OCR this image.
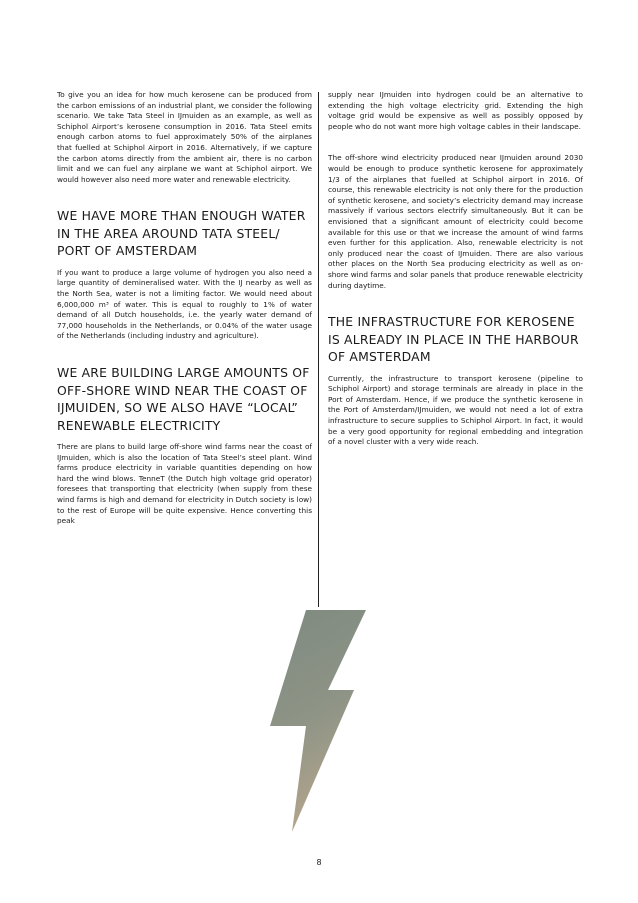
To give you an idea for how much kerosene can be produced from the carbon emissions of an industrial plant, we consider the following scenario. We take Tata Steel in IJmuiden as an example, as well as Schiphol Airport’s kerosene consumption in 2016. Tata Steel emits enough carbon atoms to fuel approximately 50% of the airplanes that fuelled at Schiphol Airport in 2016. Alternatively, if we capture the carbon atoms directly from the ambient air, there is no carbon limit and we can fuel any airplane we want at Schiphol airport. We would however also need more water and renewable electricity.

WE HAVE MORE THAN ENOUGH WATER IN THE AREA AROUND TATA STEEL/ PORT OF AMSTERDAM

If you want to produce a large volume of hydrogen you also need a large quantity of demineralised water. With the IJ nearby as well as the North Sea, water is not a limiting factor. We would need about 6,000,000 m³ of water. This is equal to roughly to 1% of water demand of all Dutch households, i.e. the yearly water demand of 77,000 households in the Netherlands, or 0.04% of the water usage of the Netherlands (including industry and agriculture).

WE ARE BUILDING LARGE AMOUNTS OF OFF-SHORE WIND NEAR THE COAST OF IJMUIDEN, SO WE ALSO HAVE “LOCAL” RENEWABLE ELECTRICITY

There are plans to build large off-shore wind farms near the coast of IJmuiden, which is also the location of Tata Steel’s steel plant. Wind farms produce electricity in variable quantities depending on how hard the wind blows. TenneT (the Dutch high voltage grid operator) foresees that transporting that electricity (when supply from these wind farms is high and demand for electricity in Dutch society is low) to the rest of Europe will be quite expensive. Hence converting this peak

supply near IJmuiden into hydrogen could be an alternative to extending the high voltage electricity grid. Extending the high voltage grid would be expensive as well as possibly opposed by people who do not want more high voltage cables in their landscape.

The off-shore wind electricity produced near IJmuiden around 2030 would be enough to produce synthetic kerosene for approximately 1/3 of the airplanes that fuelled at Schiphol airport in 2016. Of course, this renewable electricity is not only there for the production of synthetic kerosene, and society’s electricity demand may increase massively if various sectors electrify simultaneously. But it can be envisioned that a significant amount of electricity could become available for this use or that we increase the amount of wind farms even further for this application. Also, renewable electricity is not only produced near the coast of IJmuiden. There are also various other places on the North Sea producing electricity as well as on-shore wind farms and solar panels that produce renewable electricity during daytime.

THE INFRASTRUCTURE FOR KEROSENE IS ALREADY IN PLACE IN THE HARBOUR OF AMSTERDAM

Currently, the infrastructure to transport kerosene (pipeline to Schiphol Airport) and storage terminals are already in place in the Port of Amsterdam. Hence, if we produce the synthetic kerosene in the Port of Amsterdam/IJmuiden, we would not need a lot of extra infrastructure to secure supplies to Schiphol Airport. In fact, it would be a very good opportunity for regional embedding and integration of a novel cluster with a very wide reach.

8
